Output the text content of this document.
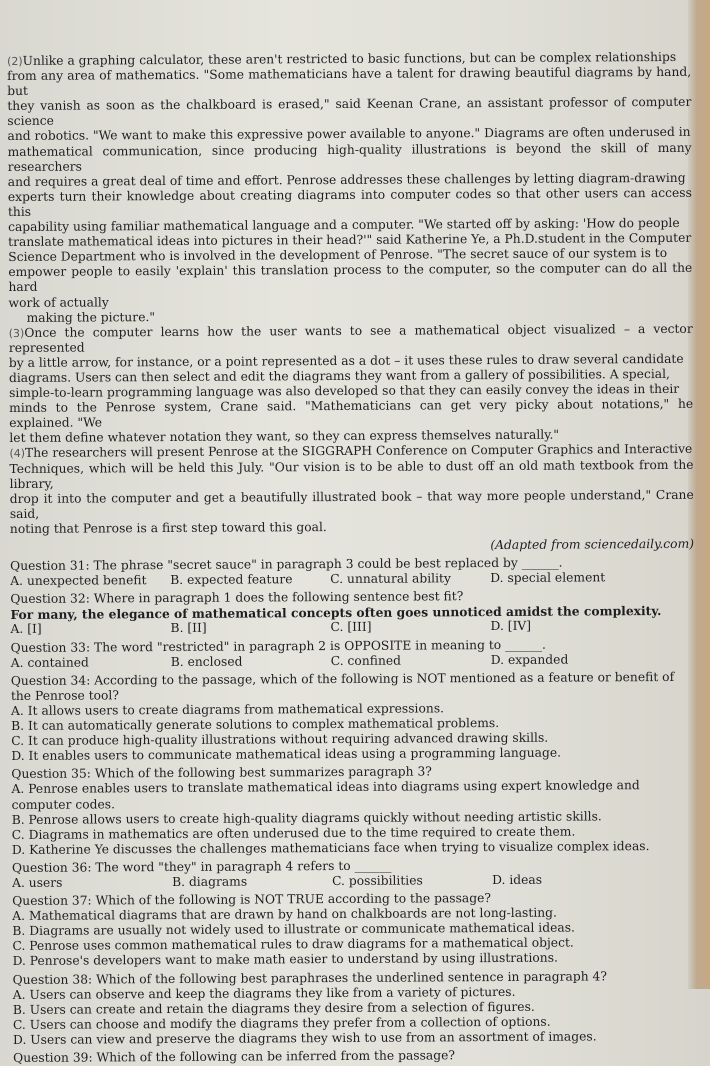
(2)Unlike a graphing calculator, these aren't restricted to basic functions, but can be complex relationships

from any area of mathematics. "Some mathematicians have a talent for drawing beautiful diagrams by hand, but

they vanish as soon as the chalkboard is erased," said Keenan Crane, an assistant professor of computer science

and robotics. "We want to make this expressive power available to anyone." Diagrams are often underused in

mathematical communication, since producing high-quality illustrations is beyond the skill of many researchers

and requires a great deal of time and effort. Penrose addresses these challenges by letting diagram-drawing

experts turn their knowledge about creating diagrams into computer codes so that other users can access this

capability using familiar mathematical language and a computer. "We started off by asking: 'How do people

translate mathematical ideas into pictures in their head?'" said Katherine Ye, a Ph.D.student in the Computer

Science Department who is involved in the development of Penrose. "The secret sauce of our system is to

empower people to easily 'explain' this translation process to the computer, so the computer can do all the hard

work of actually

making the picture."

(3)Once the computer learns how the user wants to see a mathematical object visualized – a vector represented

by a little arrow, for instance, or a point represented as a dot – it uses these rules to draw several candidate

diagrams. Users can then select and edit the diagrams they want from a gallery of possibilities. A special,

simple-to-learn programming language was also developed so that they can easily convey the ideas in their

minds to the Penrose system, Crane said. "Mathematicians can get very picky about notations," he explained. "We

let them define whatever notation they want, so they can express themselves naturally."

(4)The researchers will present Penrose at the SIGGRAPH Conference on Computer Graphics and Interactive

Techniques, which will be held this July. "Our vision is to be able to dust off an old math textbook from the library,

drop it into the computer and get a beautifully illustrated book – that way more people understand," Crane said,

noting that Penrose is a first step toward this goal.

(Adapted from sciencedaily.com)

Question 31: The phrase "secret sauce" in paragraph 3 could be best replaced by ______.

A. unexpected benefit	B. expected feature	C. unnatural ability	D. special element

Question 32: Where in paragraph 1 does the following sentence best fit?

For many, the elegance of mathematical concepts often goes unnoticed amidst the complexity.

A. [I]	B. [II]	C. [III]	D. [IV]

Question 33: The word "restricted" in paragraph 2 is OPPOSITE in meaning to ______.

A. contained	B. enclosed	C. confined	D. expanded

Question 34: According to the passage, which of the following is NOT mentioned as a feature or benefit of the Penrose tool?

A. It allows users to create diagrams from mathematical expressions.
B. It can automatically generate solutions to complex mathematical problems.
C. It can produce high-quality illustrations without requiring advanced drawing skills.
D. It enables users to communicate mathematical ideas using a programming language.

Question 35: Which of the following best summarizes paragraph 3?

A. Penrose enables users to translate mathematical ideas into diagrams using expert knowledge and computer codes.
B. Penrose allows users to create high-quality diagrams quickly without needing artistic skills.
C. Diagrams in mathematics are often underused due to the time required to create them.
D. Katherine Ye discusses the challenges mathematicians face when trying to visualize complex ideas.

Question 36: The word "they" in paragraph 4 refers to ______

A. users	B. diagrams	C. possibilities	D. ideas

Question 37: Which of the following is NOT TRUE according to the passage?

A. Mathematical diagrams that are drawn by hand on chalkboards are not long-lasting.
B. Diagrams are usually not widely used to illustrate or communicate mathematical ideas.
C. Penrose uses common mathematical rules to draw diagrams for a mathematical object.
D. Penrose's developers want to make math easier to understand by using illustrations.

Question 38: Which of the following best paraphrases the underlined sentence in paragraph 4?

A. Users can observe and keep the diagrams they like from a variety of pictures.
B. Users can create and retain the diagrams they desire from a selection of figures.
C. Users can choose and modify the diagrams they prefer from a collection of options.
D. Users can view and preserve the diagrams they wish to use from an assortment of images.

Question 39: Which of the following can be inferred from the passage?
